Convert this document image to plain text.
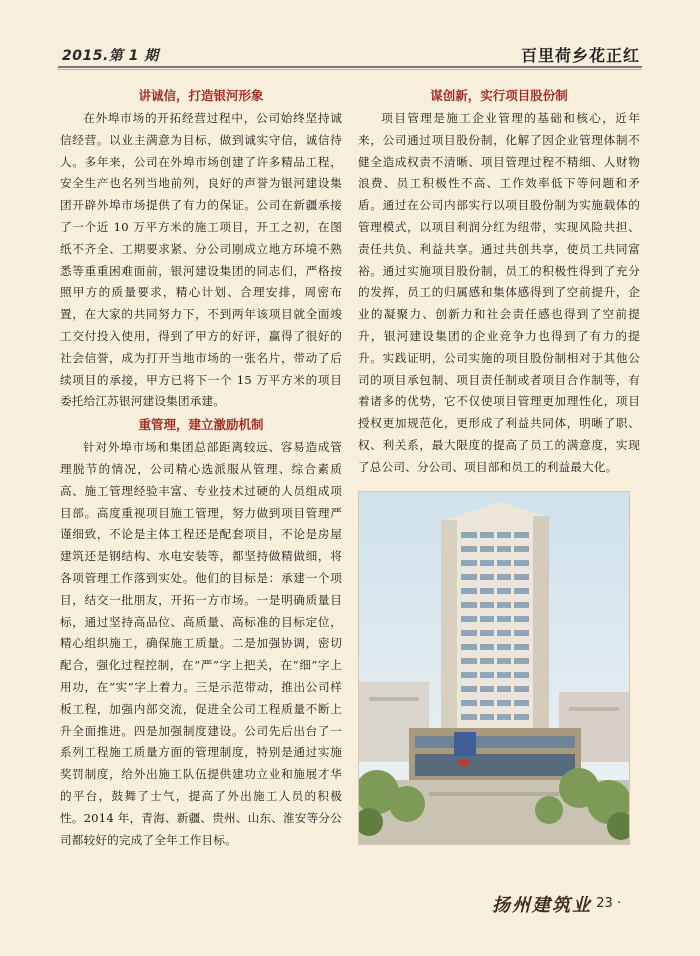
2015.第 1 期	百里荷乡花正红
讲诚信，打造银河形象

在外埠市场的开拓经营过程中，公司始终坚持诚信经营。以业主满意为目标，做到诚实守信，诚信待人。多年来，公司在外埠市场创建了许多精品工程，安全生产也名列当地前列，良好的声誉为银河建设集团开辟外埠市场提供了有力的保证。公司在新疆承接了一个近 10 万平方米的施工项目，开工之初，在图纸不齐全、工期要求紧、分公司刚成立地方环境不熟悉等重重困难面前，银河建设集团的同志们，严格按照甲方的质量要求，精心计划、合理安排，周密布置，在大家的共同努力下，不到两年该项目就全面竣工交付投入使用，得到了甲方的好评，赢得了很好的社会信誉，成为打开当地市场的一张名片，带动了后续项目的承接，甲方已将下一个 15 万平方米的项目委托给江苏银河建设集团承建。

重管理，建立激励机制

针对外埠市场和集团总部距离较远、容易造成管理脱节的情况，公司精心选派服从管理、综合素质高、施工管理经验丰富、专业技术过硬的人员组成项目部。高度重视项目施工管理，努力做到项目管理严谨细致，不论是主体工程还是配套项目，不论是房屋建筑还是钢结构、水电安装等，都坚持做精做细，将各项管理工作落到实处。他们的目标是：承建一个项目，结交一批朋友，开拓一方市场。一是明确质量目标，通过坚持高品位、高质量、高标准的目标定位，精心组织施工，确保施工质量。二是加强协调，密切配合，强化过程控制，在“严”字上把关，在“细”字上用功，在“实”字上着力。三是示范带动，推出公司样板工程，加强内部交流，促进全公司工程质量不断上升全面推进。四是加强制度建设。公司先后出台了一系列工程施工质量方面的管理制度，特别是通过实施奖罚制度，给外出施工队伍提供建功立业和施展才华的平台，鼓舞了士气，提高了外出施工人员的积极性。2014 年，青海、新疆、贵州、山东、淮安等分公司都较好的完成了全年工作目标。

谋创新，实行项目股份制

项目管理是施工企业管理的基础和核心，近年来，公司通过项目股份制，化解了因企业管理体制不健全造成权责不清晰、项目管理过程不精细、人财物浪费、员工积极性不高、工作效率低下等问题和矛盾。通过在公司内部实行以项目股份制为实施载体的管理模式，以项目利润分红为纽带，实现风险共担、责任共负、利益共享。通过共创共享，使员工共同富裕。通过实施项目股份制，员工的积极性得到了充分的发挥，员工的归属感和集体感得到了空前提升，企业的凝聚力、创新力和社会责任感也得到了空前提升，银河建设集团的企业竞争力也得到了有力的提升。实践证明，公司实施的项目股份制相对于其他公司的项目承包制、项目责任制或者项目合作制等，有着诸多的优势，它不仅使项目管理更加理性化，项目授权更加规范化，更形成了利益共同体，明晰了职、权、利关系，最大限度的提高了员工的满意度，实现了总公司、分公司、项目部和员工的利益最大化。

扬州建筑业
· 23 ·
